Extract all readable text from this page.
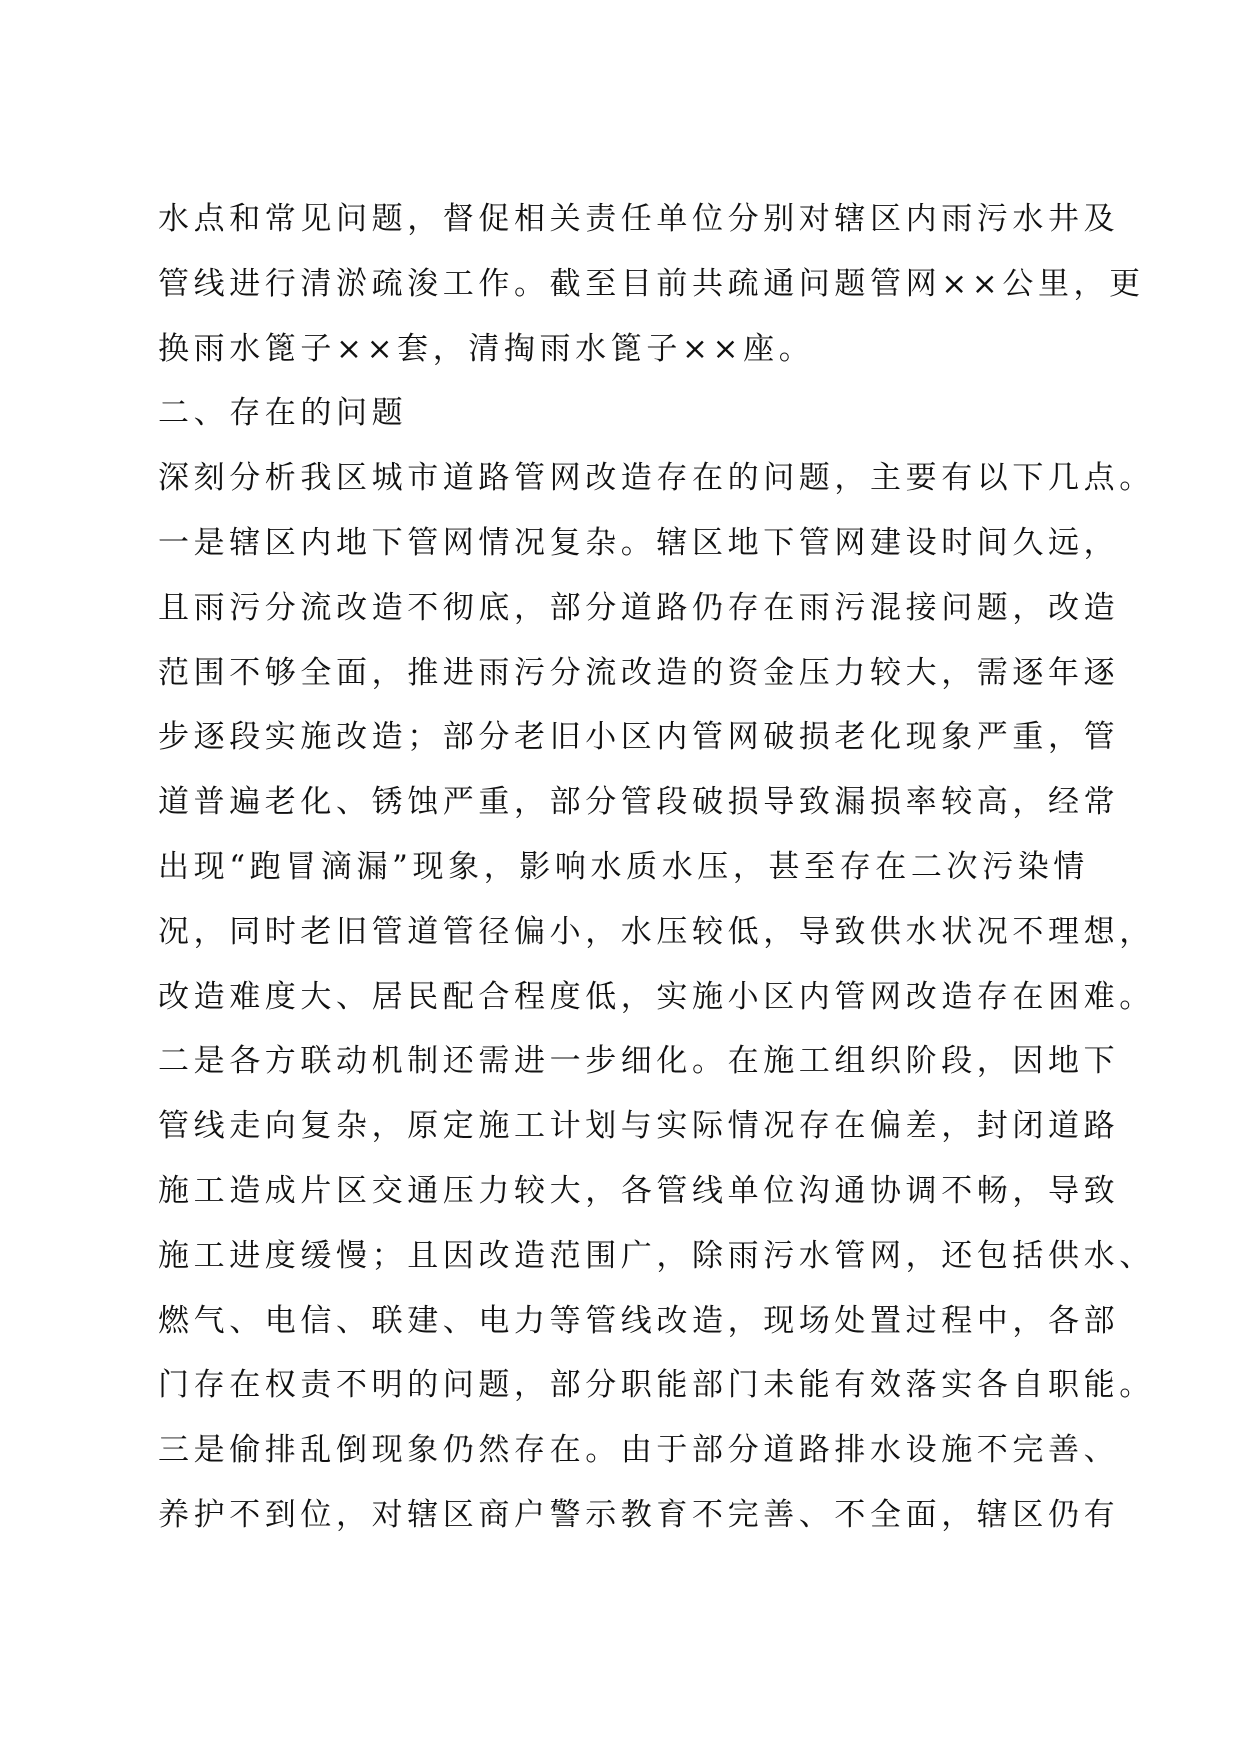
水点和常见问题，督促相关责任单位分别对辖区内雨污水井及
管线进行清淤疏浚工作。截至目前共疏通问题管网××公里，更
换雨水篦子××套，清掏雨水篦子××座。
二、存在的问题
深刻分析我区城市道路管网改造存在的问题，主要有以下几点。
一是辖区内地下管网情况复杂。辖区地下管网建设时间久远，
且雨污分流改造不彻底，部分道路仍存在雨污混接问题，改造
范围不够全面，推进雨污分流改造的资金压力较大，需逐年逐
步逐段实施改造；部分老旧小区内管网破损老化现象严重，管
道普遍老化、锈蚀严重，部分管段破损导致漏损率较高，经常
出现“跑冒滴漏”现象，影响水质水压，甚至存在二次污染情
况，同时老旧管道管径偏小，水压较低，导致供水状况不理想，
改造难度大、居民配合程度低，实施小区内管网改造存在困难。
二是各方联动机制还需进一步细化。在施工组织阶段，因地下
管线走向复杂，原定施工计划与实际情况存在偏差，封闭道路
施工造成片区交通压力较大，各管线单位沟通协调不畅，导致
施工进度缓慢；且因改造范围广，除雨污水管网，还包括供水、
燃气、电信、联建、电力等管线改造，现场处置过程中，各部
门存在权责不明的问题，部分职能部门未能有效落实各自职能。
三是偷排乱倒现象仍然存在。由于部分道路排水设施不完善、
养护不到位，对辖区商户警示教育不完善、不全面，辖区仍有
